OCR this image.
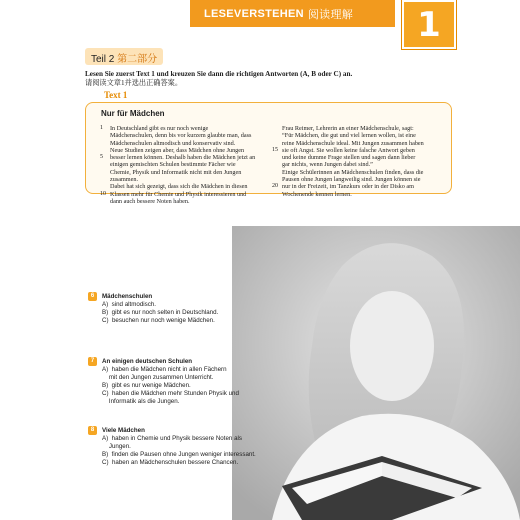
LESEVERSTEHEN 阅读理解	1
Teil 2 第二部分
Lesen Sie zuerst Text 1 und kreuzen Sie dann die richtigen Antworten (A, B oder C) an.
请阅读文章1并选出正确答案。
Text 1
Nur für Mädchen
1 In Deutschland gibt es nur noch wenige
Mädchenschulen, denn bis vor kurzem glaubte man, dass
Mädchenschulen altmodisch und konservativ sind.
Neue Studien zeigen aber, dass Mädchen ohne Jungen
5 besser lernen können. Deshalb haben die Mädchen jetzt an
einigen gemischten Schulen bestimmte Fächer wie
Chemie, Physik und Informatik nicht mit den Jungen
zusammen.
Dabei hat sich gezeigt, dass sich die Mädchen in diesen
10 Klassen mehr für Chemie und Physik interessieren und
dann auch bessere Noten haben.
Frau Reimer, Lehrerin an einer Mädchenschule, sagt:
“Für Mädchen, die gut und viel lernen wollen, ist eine
reine Mädchenschule ideal. Mit Jungen zusammen haben
15 sie oft Angst. Sie wollen keine falsche Antwort geben
und keine dumme Frage stellen und sagen dann lieber
gar nichts, wenn Jungen dabei sind.”
Einige Schülerinnen an Mädchenschulen finden, dass die
Pausen ohne Jungen langweilig sind. Jungen können sie
20 nur in der Freizeit, im Tanzkurs oder in der Disko am
Wochenende kennen lernen.
6 Mädchenschulen
A)  sind altmodisch.
B)  gibt es nur noch selten in Deutschland.
C)  besuchen nur noch wenige Mädchen.
7 An einigen deutschen Schulen
A)  haben die Mädchen nicht in allen Fächern
mit den Jungen zusammen Unterricht.
B)  gibt es nur wenige Mädchen.
C)  haben die Mädchen mehr Stunden Physik und
Informatik als die Jungen.
8 Viele Mädchen
A)  haben in Chemie und Physik bessere Noten als
Jungen.
B)  finden die Pausen ohne Jungen weniger interessant.
C)  haben an Mädchenschulen bessere Chancen.
